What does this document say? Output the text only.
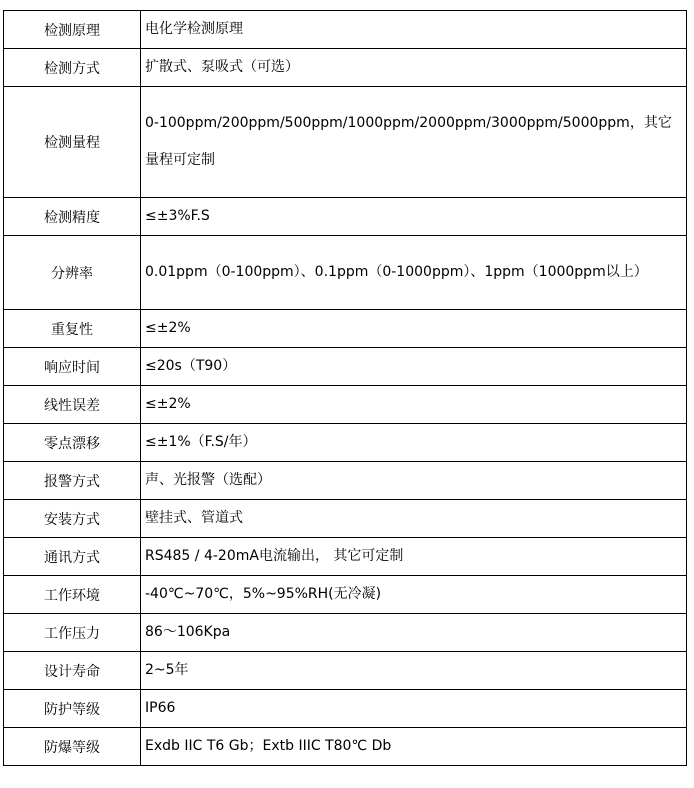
检测原理	电化学检测原理
检测方式	扩散式、泵吸式（可选）
检测量程	0-100ppm/200ppm/500ppm/1000ppm/2000ppm/3000ppm/5000ppm，其它量程可定制
检测精度	≤±3%F.S
分辨率	0.01ppm（0-100ppm）、0.1ppm（0-1000ppm）、1ppm（1000ppm以上）
重复性	≤±2%
响应时间	≤20s（T90）
线性误差	≤±2%
零点漂移	≤±1%（F.S/年）
报警方式	声、光报警（选配）
安装方式	壁挂式、管道式
通讯方式	RS485 / 4-20mA电流输出， 其它可定制
工作环境	-40℃~70℃，5%~95%RH(无冷凝)
工作压力	86～106Kpa
设计寿命	2~5年
防护等级	IP66
防爆等级	Exdb IIC T6 Gb；Extb IIIC T80℃ Db
